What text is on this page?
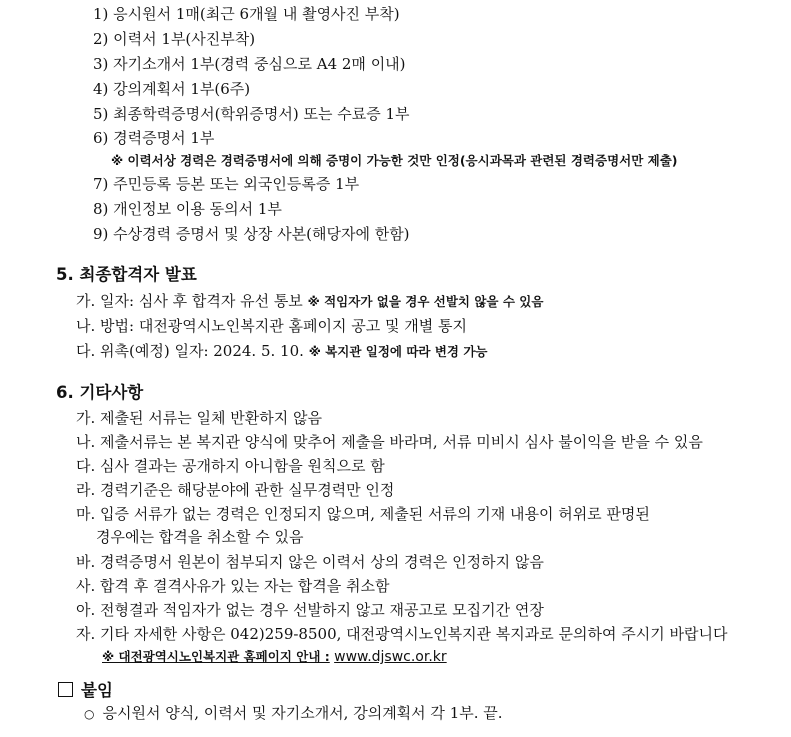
1) 응시원서 1매(최근 6개월 내 촬영사진 부착)
2) 이력서 1부(사진부착)
3) 자기소개서 1부(경력 중심으로 A4 2매 이내)
4) 강의계획서 1부(6주)
5) 최종학력증명서(학위증명서) 또는 수료증 1부
6) 경력증명서 1부
※ 이력서상 경력은 경력증명서에 의해 증명이 가능한 것만 인정(응시과목과 관련된 경력증명서만 제출)
7) 주민등록 등본 또는 외국인등록증 1부
8) 개인정보 이용 동의서 1부
9) 수상경력 증명서 및 상장 사본(해당자에 한함)
5. 최종합격자 발표
가. 일자: 심사 후 합격자 유선 통보 ※ 적임자가 없을 경우 선발치 않을 수 있음
나. 방법: 대전광역시노인복지관 홈페이지 공고 및 개별 통지
다. 위촉(예정) 일자: 2024. 5. 10. ※ 복지관 일정에 따라 변경 가능
6. 기타사항
가. 제출된 서류는 일체 반환하지 않음
나. 제출서류는 본 복지관 양식에 맞추어 제출을 바라며, 서류 미비시 심사 불이익을 받을 수 있음
다. 심사 결과는 공개하지 아니함을 원칙으로 함
라. 경력기준은 해당분야에 관한 실무경력만 인정
마. 입증 서류가 없는 경력은 인정되지 않으며, 제출된 서류의 기재 내용이 허위로 판명된
경우에는 합격을 취소할 수 있음
바. 경력증명서 원본이 첨부되지 않은 이력서 상의 경력은 인정하지 않음
사. 합격 후 결격사유가 있는 자는 합격을 취소함
아. 전형결과 적임자가 없는 경우 선발하지 않고 재공고로 모집기간 연장
자. 기타 자세한 사항은 042)259-8500, 대전광역시노인복지관 복지과로 문의하여 주시기 바랍니다
※ 대전광역시노인복지관 홈페이지 안내 : www.djswc.or.kr
붙임
○ 응시원서 양식, 이력서 및 자기소개서, 강의계획서 각 1부. 끝.
